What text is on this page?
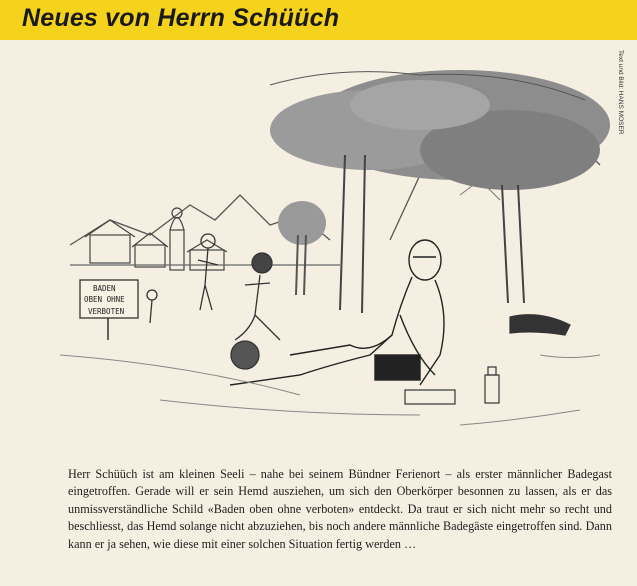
Neues von Herrn Schüüch
Text und Bild: HANS MOSER
BADEN
OBEN OHNE
VERBOTEN

Herr Schüüch ist am kleinen Seeli – nahe bei seinem Bündner Ferienort – als erster männlicher Badegast eingetroffen. Gerade will er sein Hemd ausziehen, um sich den Oberkörper besonnen zu lassen, als er das unmissverständliche Schild «Baden oben ohne verboten» entdeckt. Da traut er sich nicht mehr so recht und beschliesst, das Hemd solange nicht abzuziehen, bis noch andere männliche Badegäste eingetroffen sind. Dann kann er ja sehen, wie diese mit einer solchen Situation fertig werden …
